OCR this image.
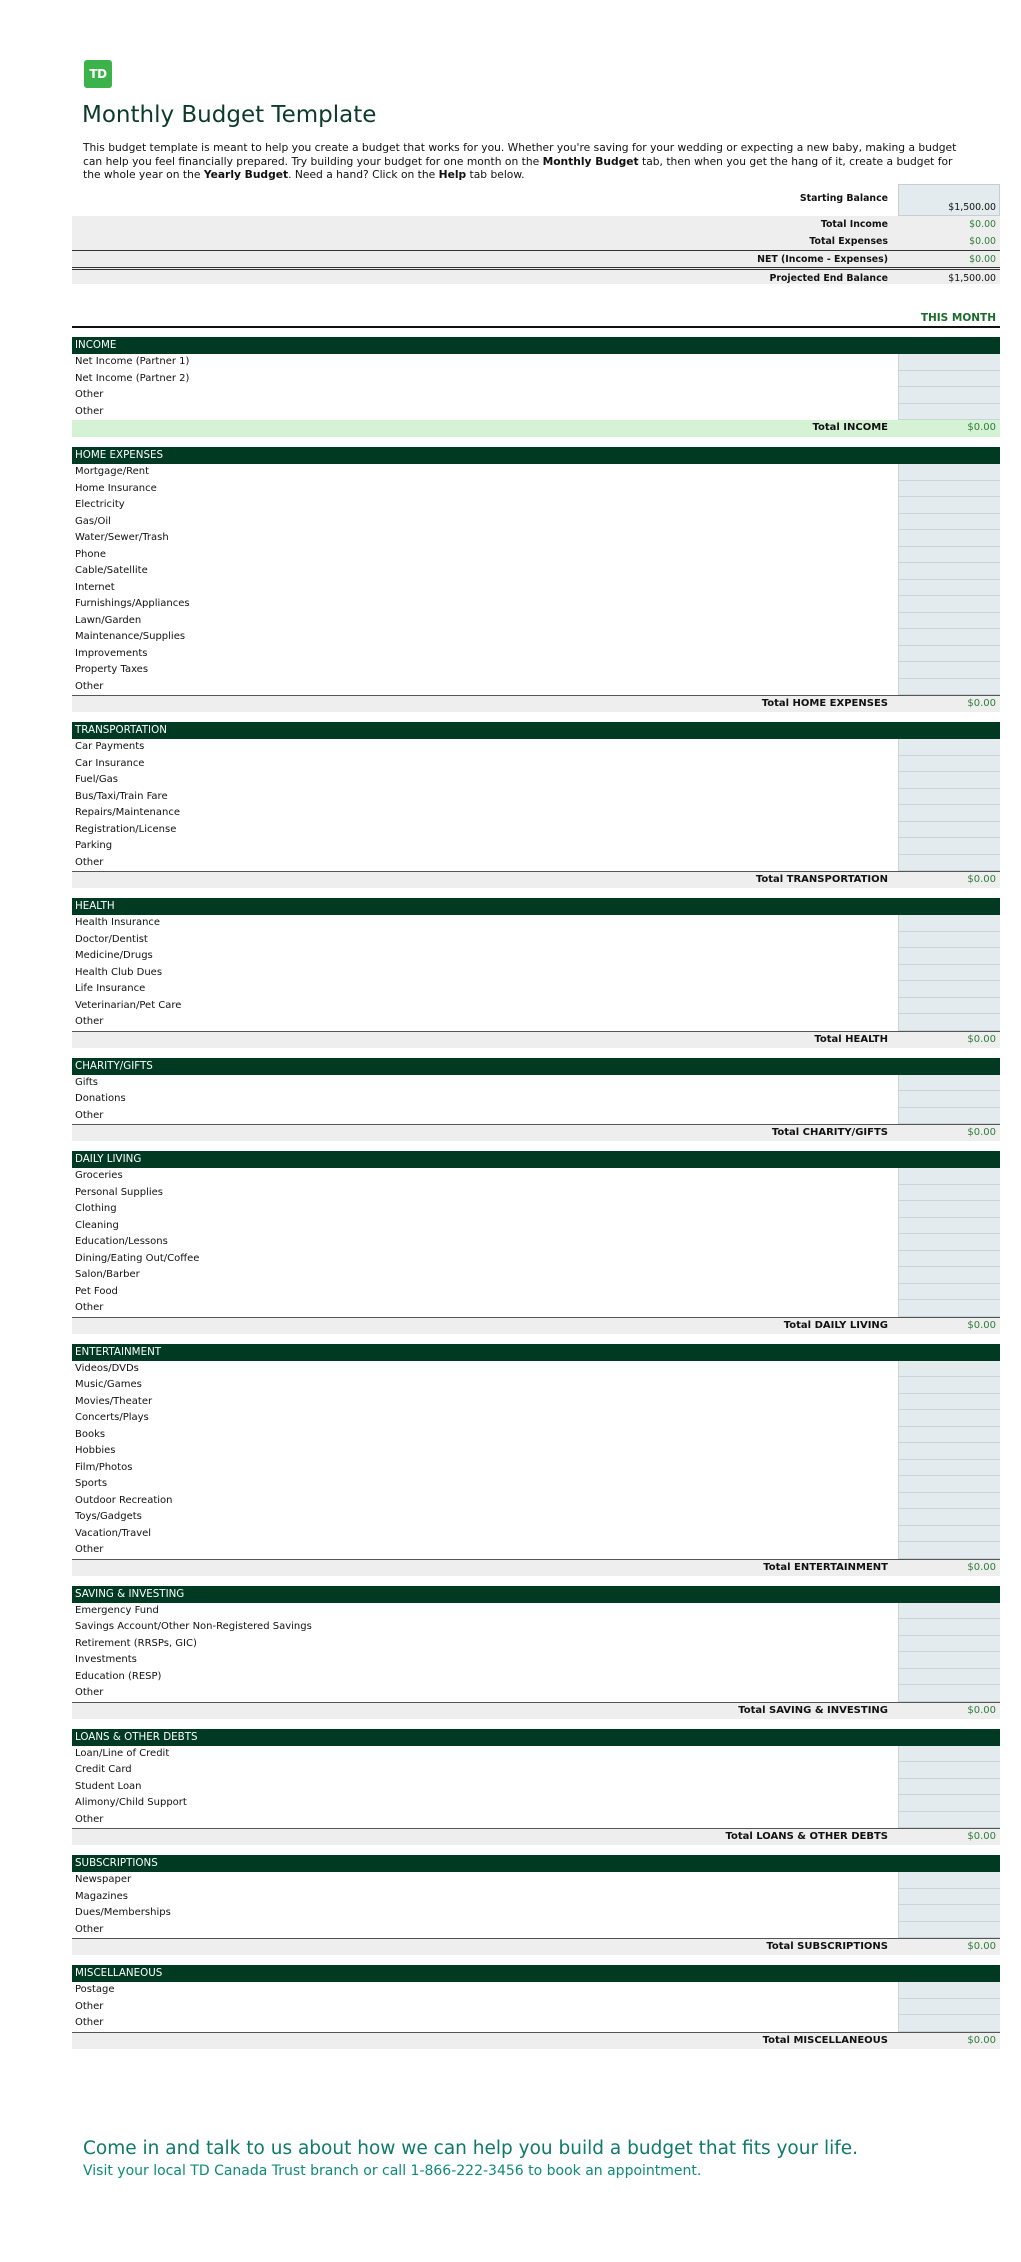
TD
Monthly Budget Template
This budget template is meant to help you create a budget that works for you. Whether you're saving for your wedding or expecting a new baby, making a budget can help you feel financially prepared. Try building your budget for one month on the Monthly Budget tab, then when you get the hang of it, create a budget for the whole year on the Yearly Budget. Need a hand? Click on the Help tab below.
Starting Balance
$1,500.00
Total Income	$0.00
Total Expenses	$0.00
NET (Income - Expenses)	$0.00
Projected End Balance	$1,500.00
THIS MONTH
INCOME
Net Income (Partner 1)
Net Income (Partner 2)
Other
Other
Total INCOME	$0.00
HOME EXPENSES
Mortgage/Rent
Home Insurance
Electricity
Gas/Oil
Water/Sewer/Trash
Phone
Cable/Satellite
Internet
Furnishings/Appliances
Lawn/Garden
Maintenance/Supplies
Improvements
Property Taxes
Other
Total HOME EXPENSES	$0.00
TRANSPORTATION
Car Payments
Car Insurance
Fuel/Gas
Bus/Taxi/Train Fare
Repairs/Maintenance
Registration/License
Parking
Other
Total TRANSPORTATION	$0.00
HEALTH
Health Insurance
Doctor/Dentist
Medicine/Drugs
Health Club Dues
Life Insurance
Veterinarian/Pet Care
Other
Total HEALTH	$0.00
CHARITY/GIFTS
Gifts
Donations
Other
Total CHARITY/GIFTS	$0.00
DAILY LIVING
Groceries
Personal Supplies
Clothing
Cleaning
Education/Lessons
Dining/Eating Out/Coffee
Salon/Barber
Pet Food
Other
Total DAILY LIVING	$0.00
ENTERTAINMENT
Videos/DVDs
Music/Games
Movies/Theater
Concerts/Plays
Books
Hobbies
Film/Photos
Sports
Outdoor Recreation
Toys/Gadgets
Vacation/Travel
Other
Total ENTERTAINMENT	$0.00
SAVING & INVESTING
Emergency Fund
Savings Account/Other Non-Registered Savings
Retirement (RRSPs, GIC)
Investments
Education (RESP)
Other
Total SAVING & INVESTING	$0.00
LOANS & OTHER DEBTS
Loan/Line of Credit
Credit Card
Student Loan
Alimony/Child Support
Other
Total LOANS & OTHER DEBTS	$0.00
SUBSCRIPTIONS
Newspaper
Magazines
Dues/Memberships
Other
Total SUBSCRIPTIONS	$0.00
MISCELLANEOUS
Postage
Other
Other
Total MISCELLANEOUS	$0.00
Come in and talk to us about how we can help you build a budget that fits your life.
Visit your local TD Canada Trust branch or call 1-866-222-3456 to book an appointment.
